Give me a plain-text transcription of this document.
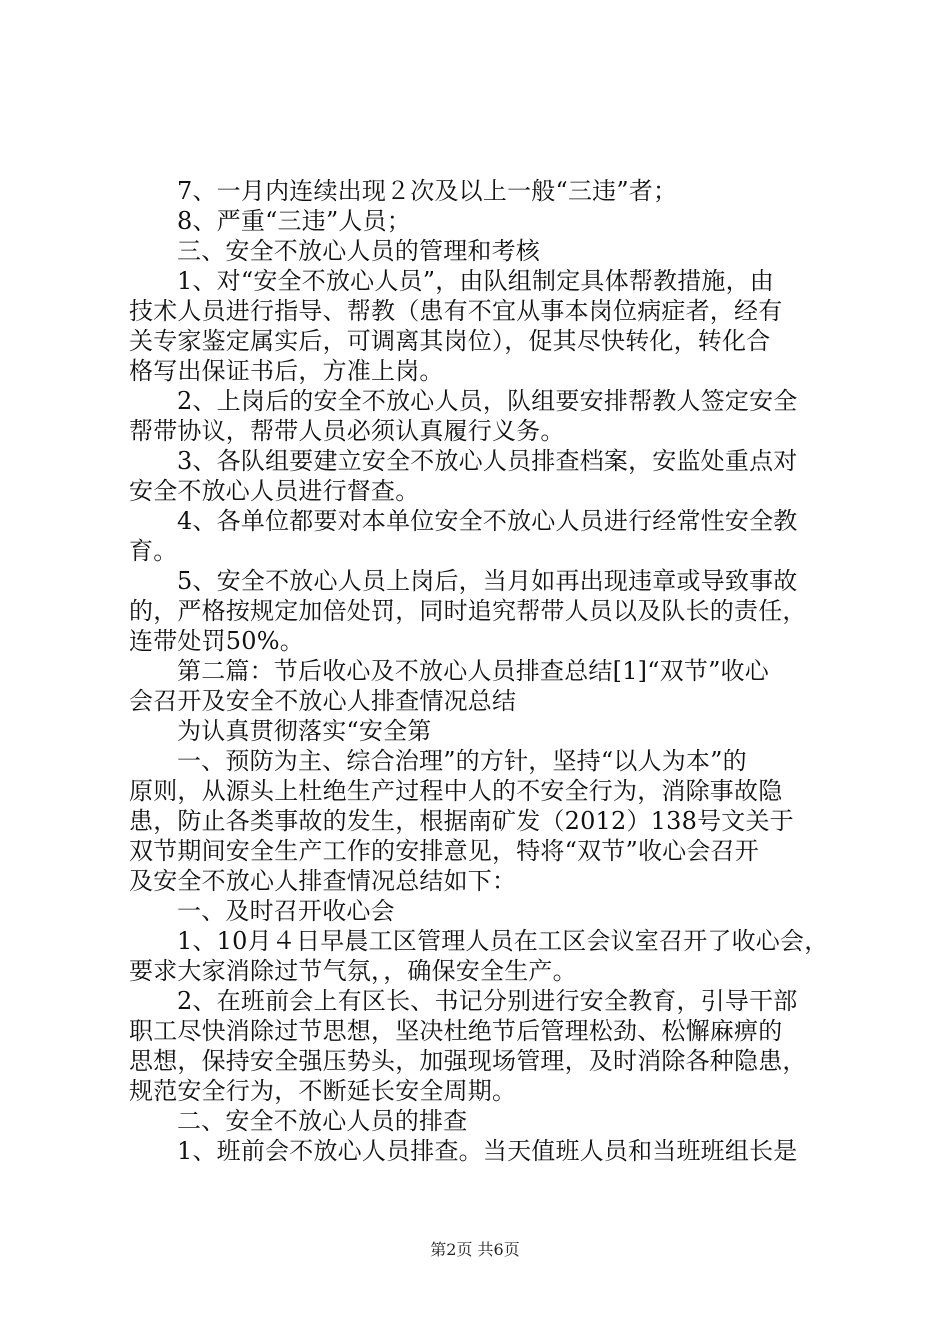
7、一月内连续出现２次及以上一般“三违”者；
8、严重“三违”人员；
三、安全不放心人员的管理和考核
1、对“安全不放心人员”，由队组制定具体帮教措施，由
技术人员进行指导、帮教（患有不宜从事本岗位病症者，经有
关专家鉴定属实后，可调离其岗位），促其尽快转化，转化合
格写出保证书后，方准上岗。
2、上岗后的安全不放心人员，队组要安排帮教人签定安全
帮带协议，帮带人员必须认真履行义务。
3、各队组要建立安全不放心人员排查档案，安监处重点对
安全不放心人员进行督查。
4、各单位都要对本单位安全不放心人员进行经常性安全教
育。
5、安全不放心人员上岗后，当月如再出现违章或导致事故
的，严格按规定加倍处罚，同时追究帮带人员以及队长的责任，
连带处罚50%。
第二篇：节后收心及不放心人员排查总结[1]“双节”收心
会召开及安全不放心人排查情况总结
为认真贯彻落实“安全第
一、预防为主、综合治理”的方针，坚持“以人为本”的
原则，从源头上杜绝生产过程中人的不安全行为，消除事故隐
患，防止各类事故的发生，根据南矿发（2012）138号文关于
双节期间安全生产工作的安排意见，特将“双节”收心会召开
及安全不放心人排查情况总结如下：
一、及时召开收心会
1、10月４日早晨工区管理人员在工区会议室召开了收心会，
要求大家消除过节气氛，，确保安全生产。
2、在班前会上有区长、书记分别进行安全教育，引导干部
职工尽快消除过节思想，坚决杜绝节后管理松劲、松懈麻痹的
思想，保持安全强压势头，加强现场管理，及时消除各种隐患，
规范安全行为，不断延长安全周期。
二、安全不放心人员的排查
1、班前会不放心人员排查。当天值班人员和当班班组长是
第2页 共6页
